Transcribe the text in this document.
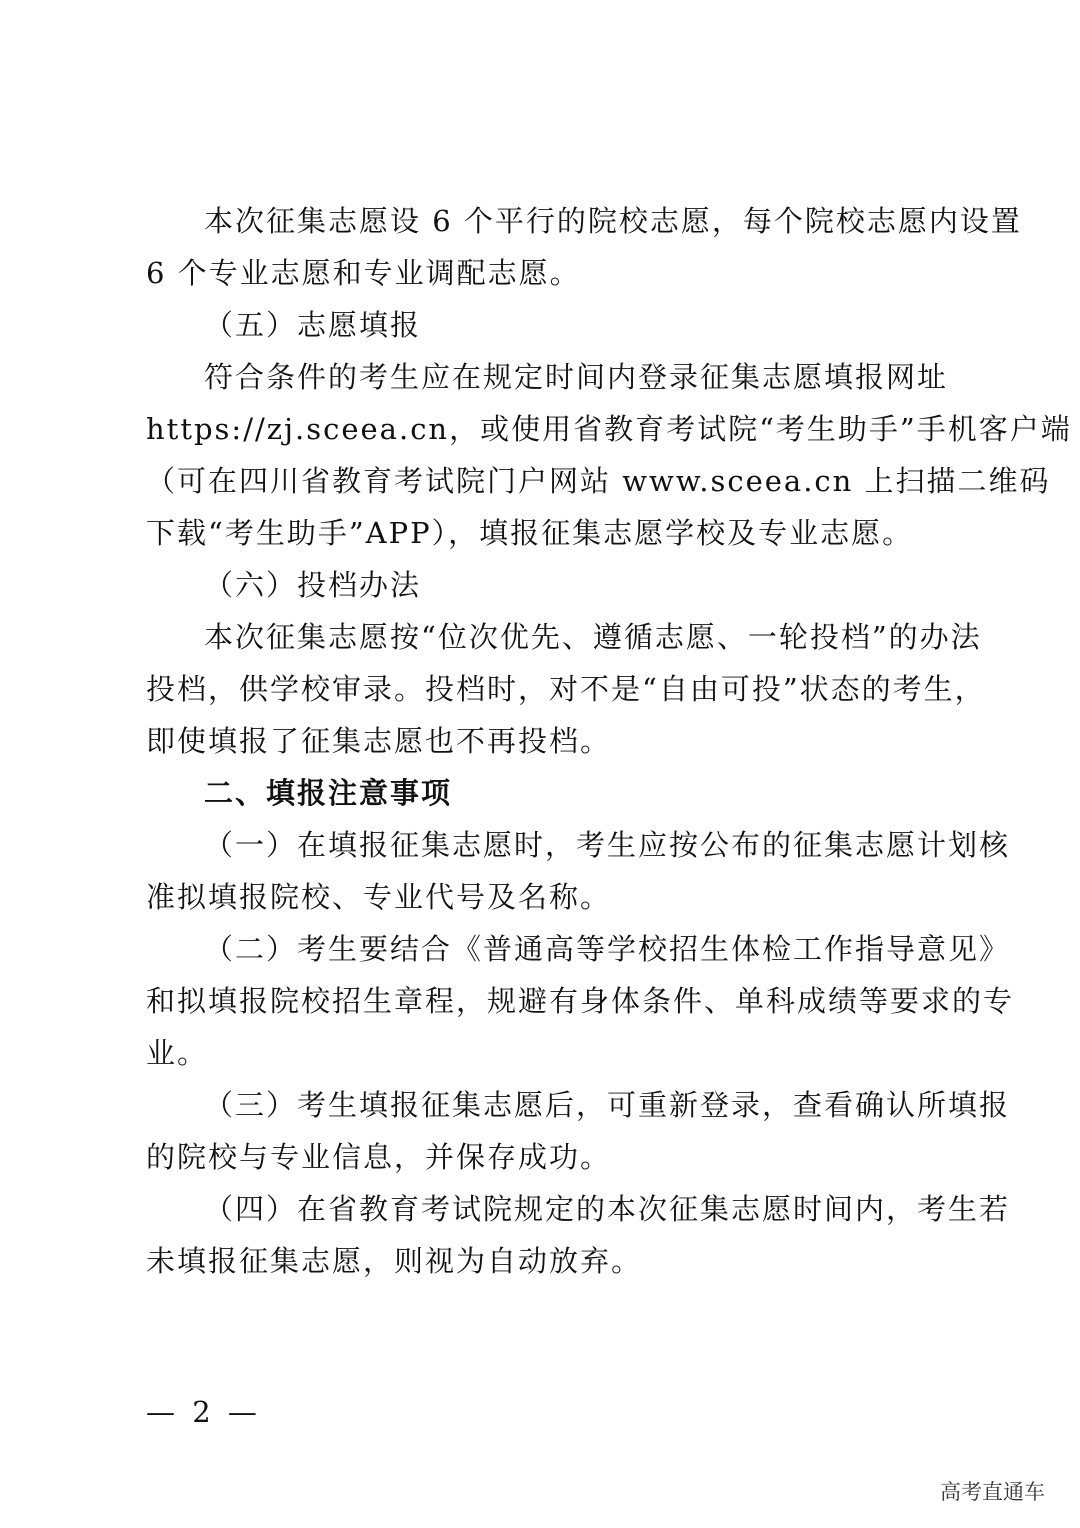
本次征集志愿设 6 个平行的院校志愿，每个院校志愿内设置
6 个专业志愿和专业调配志愿。
（五）志愿填报
符合条件的考生应在规定时间内登录征集志愿填报网址
https://zj.sceea.cn，或使用省教育考试院“考生助手”手机客户端
（可在四川省教育考试院门户网站 www.sceea.cn 上扫描二维码
下载“考生助手”APP），填报征集志愿学校及专业志愿。
（六）投档办法
本次征集志愿按“位次优先、遵循志愿、一轮投档”的办法
投档，供学校审录。投档时，对不是“自由可投”状态的考生，
即使填报了征集志愿也不再投档。
二、填报注意事项
（一）在填报征集志愿时，考生应按公布的征集志愿计划核
准拟填报院校、专业代号及名称。
（二）考生要结合《普通高等学校招生体检工作指导意见》
和拟填报院校招生章程，规避有身体条件、单科成绩等要求的专
业。
（三）考生填报征集志愿后，可重新登录，查看确认所填报
的院校与专业信息，并保存成功。
（四）在省教育考试院规定的本次征集志愿时间内，考生若
未填报征集志愿，则视为自动放弃。
— 2 —
高考直通车
